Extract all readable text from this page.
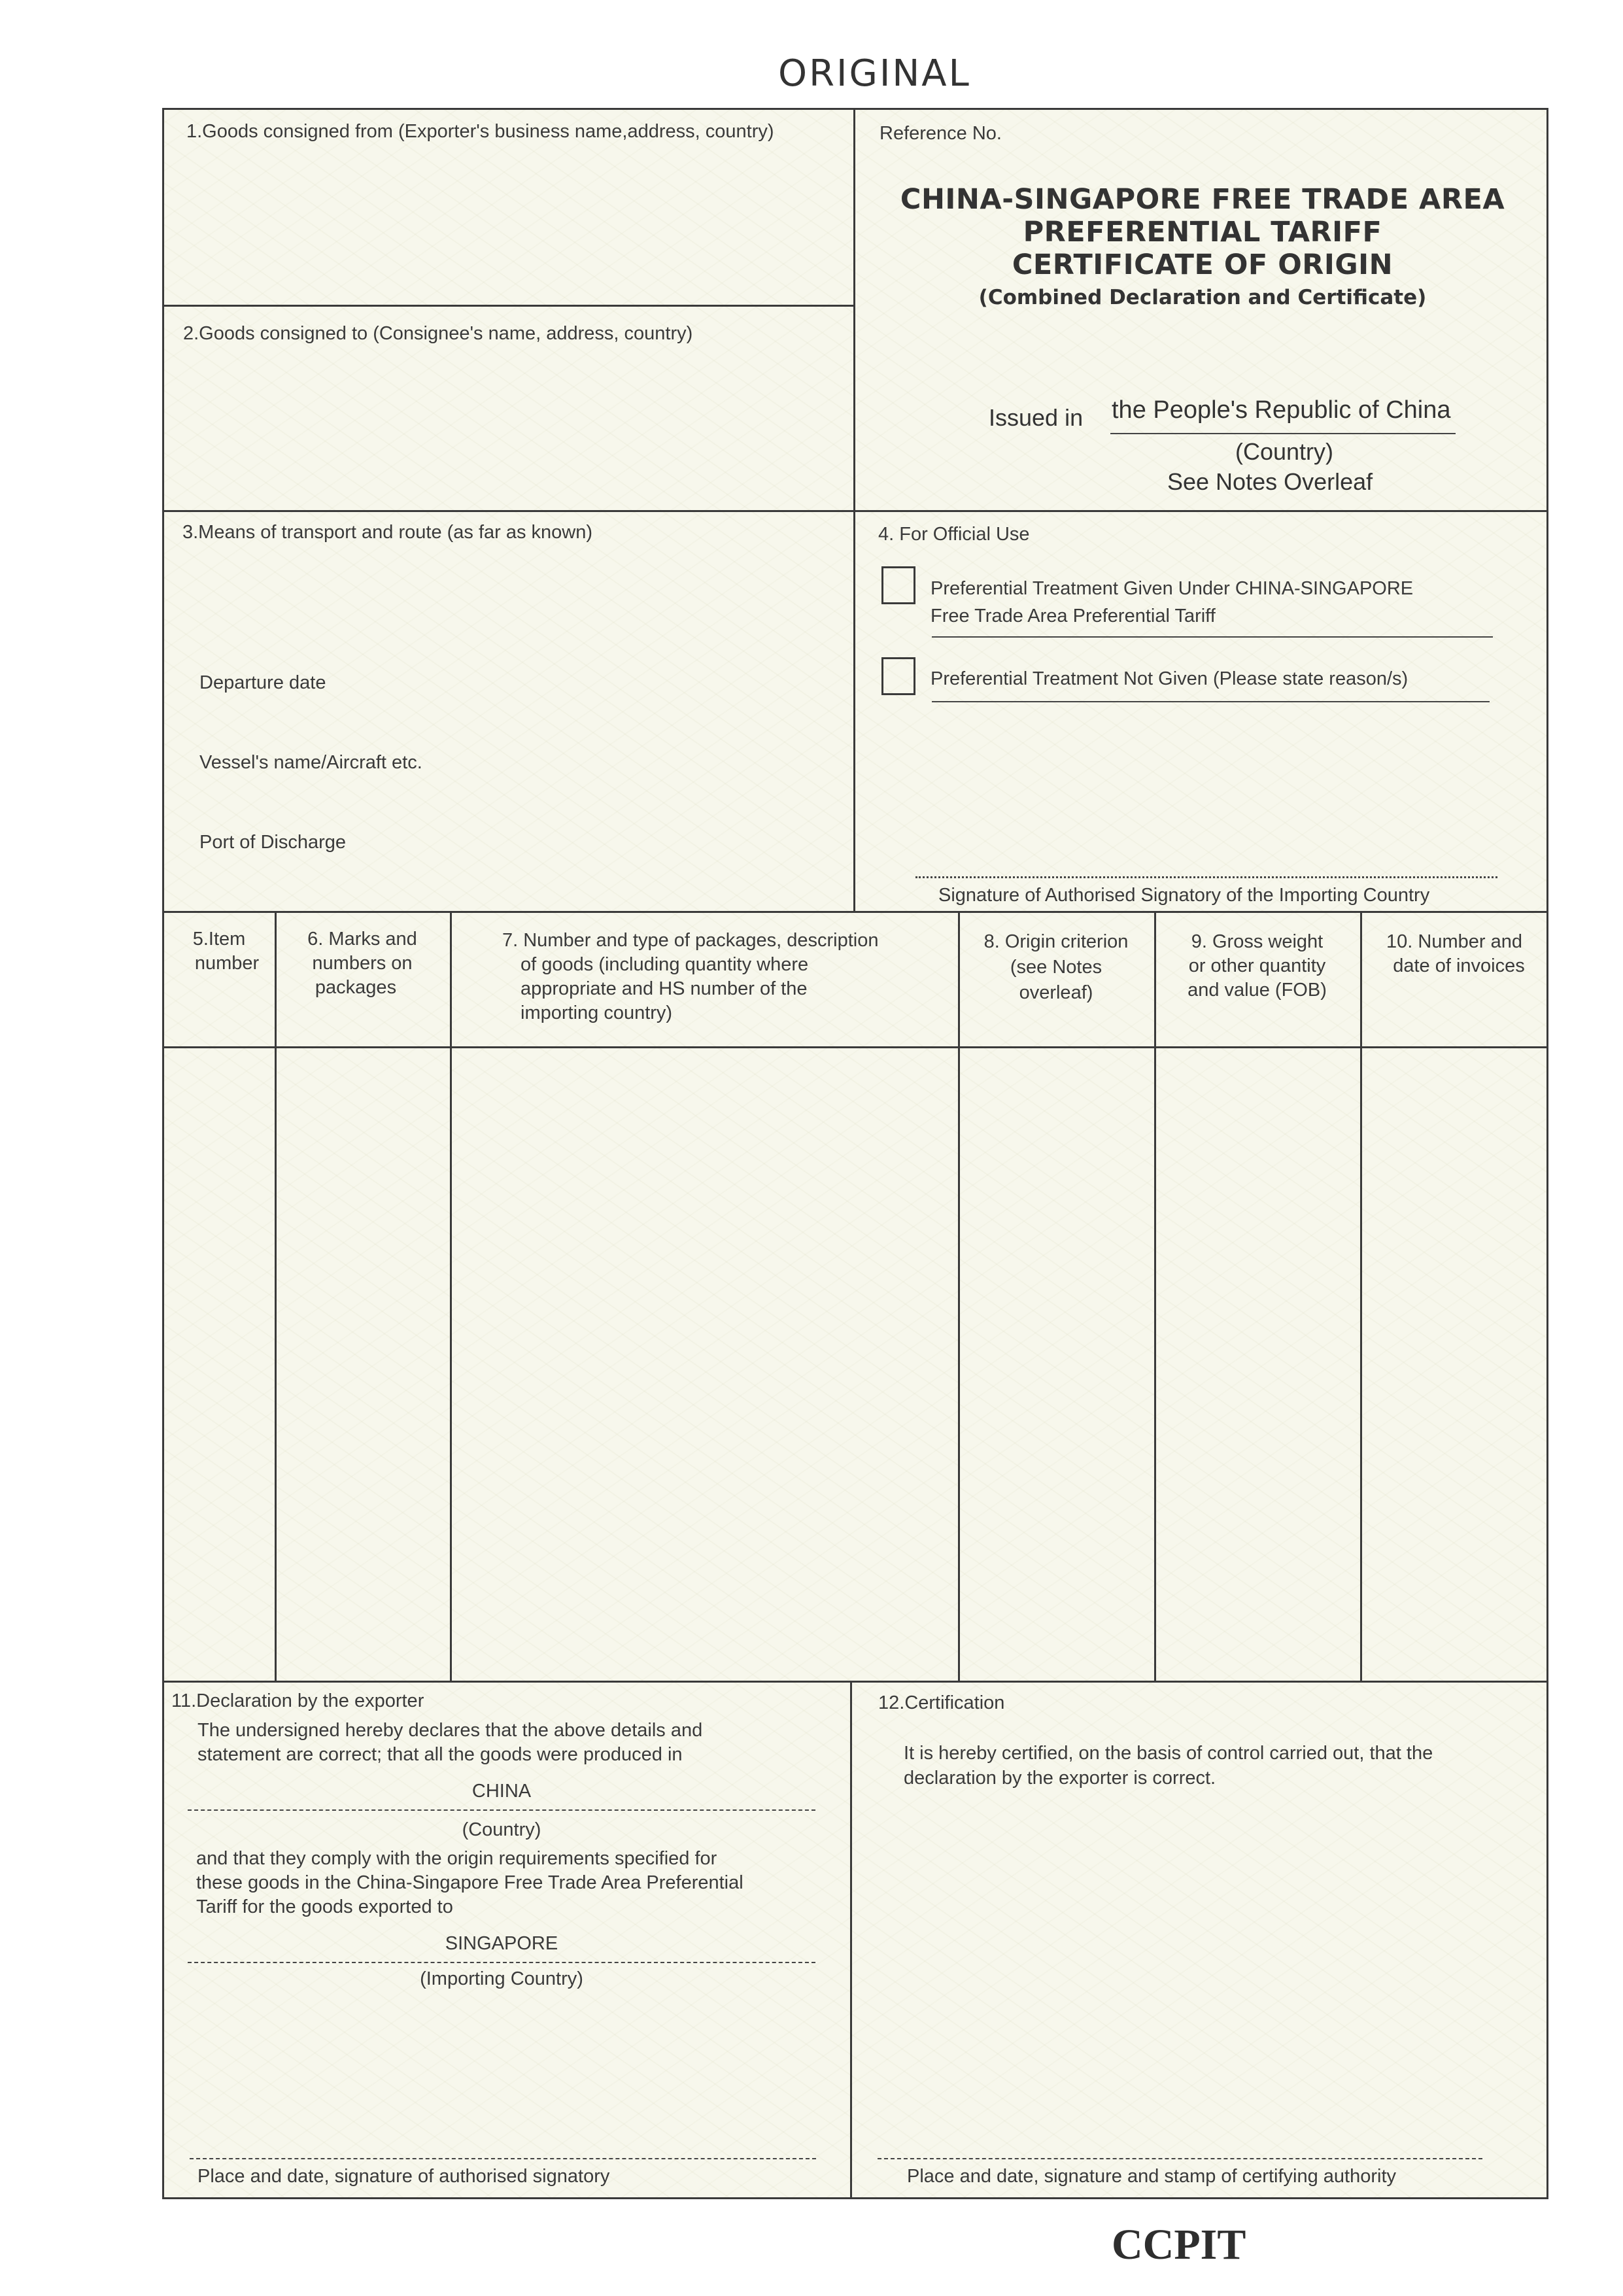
ORIGINAL
1.Goods consigned from (Exporter's business name,address, country)
2.Goods consigned to (Consignee's name, address, country)
Reference No.
CHINA-SINGAPORE FREE TRADE AREA
PREFERENTIAL TARIFF
CERTIFICATE OF ORIGIN
(Combined Declaration and Certificate)
Issued in the People's Republic of China
(Country)
See Notes Overleaf
3.Means of transport and route (as far as known)
Departure date
Vessel's name/Aircraft etc.
Port of Discharge
4. For Official Use
Preferential Treatment Given Under CHINA-SINGAPORE
Free Trade Area Preferential Tariff
Preferential Treatment Not Given (Please state reason/s)
Signature of Authorised Signatory of the Importing Country
5.Item
number
6. Marks and
numbers on
packages
7. Number and type of packages, description
of goods (including quantity where
appropriate and HS number of the
importing country)
8. Origin criterion
(see Notes
overleaf)
9. Gross weight
or other quantity
and value (FOB)
10. Number and
date of invoices
11.Declaration by the exporter
The undersigned hereby declares that the above details and
statement are correct; that all the goods were produced in
CHINA
(Country)
and that they comply with the origin requirements specified for
these goods in the China-Singapore Free Trade Area Preferential
Tariff for the goods exported to
SINGAPORE
(Importing Country)
Place and date, signature of authorised signatory
12.Certification
It is hereby certified, on the basis of control carried out, that the
declaration by the exporter is correct.
Place and date, signature and stamp of certifying authority
CCPIT
